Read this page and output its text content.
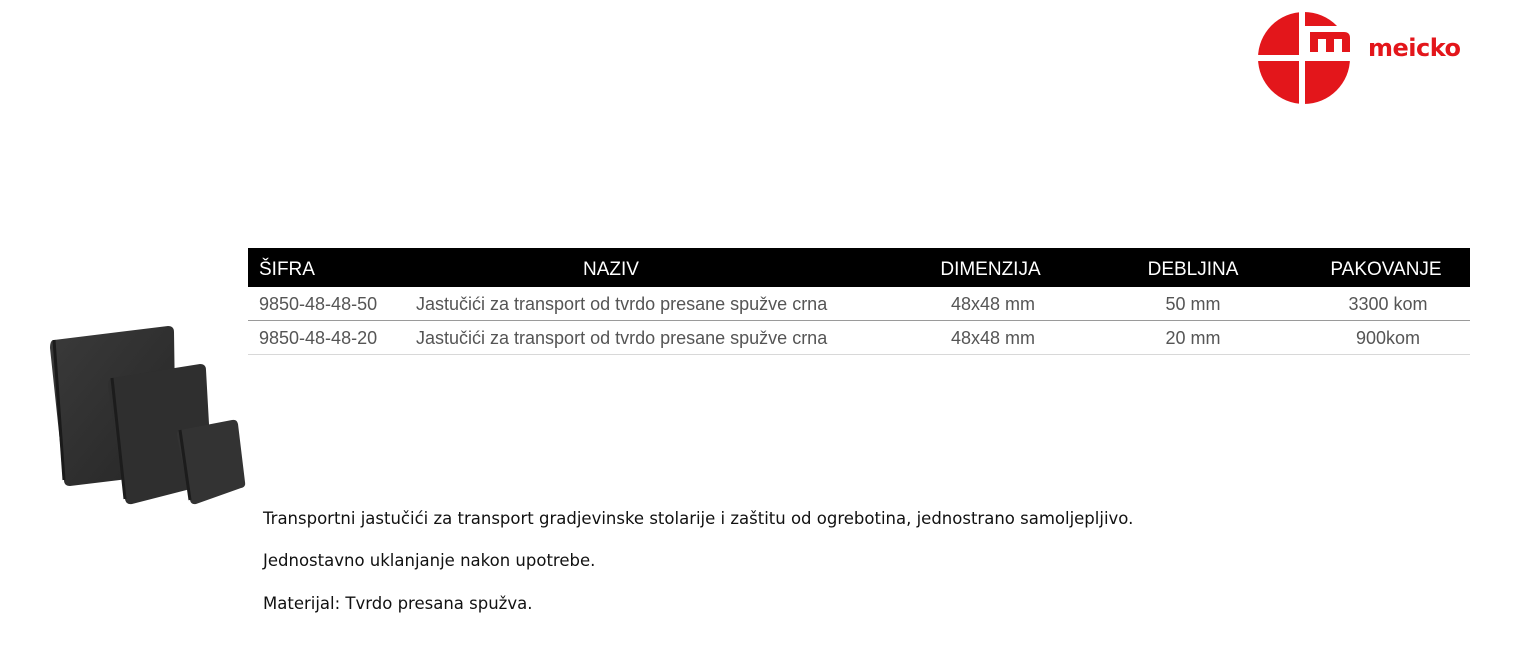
meicko
ŠIFRA	NAZIV	DIMENZIJA	DEBLJINA	PAKOVANJE
9850-48-48-50 Jastučići za transport od tvrdo presane spužve crna	48x48 mm	50 mm	3300 kom
9850-48-48-20 Jastučići za transport od tvrdo presane spužve crna	48x48 mm	20 mm	900kom
Transportni jastučići za transport gradjevinske stolarije i zaštitu od ogrebotina, jednostrano samoljepljivo.
Jednostavno uklanjanje nakon upotrebe.
Materijal: Tvrdo presana spužva.
